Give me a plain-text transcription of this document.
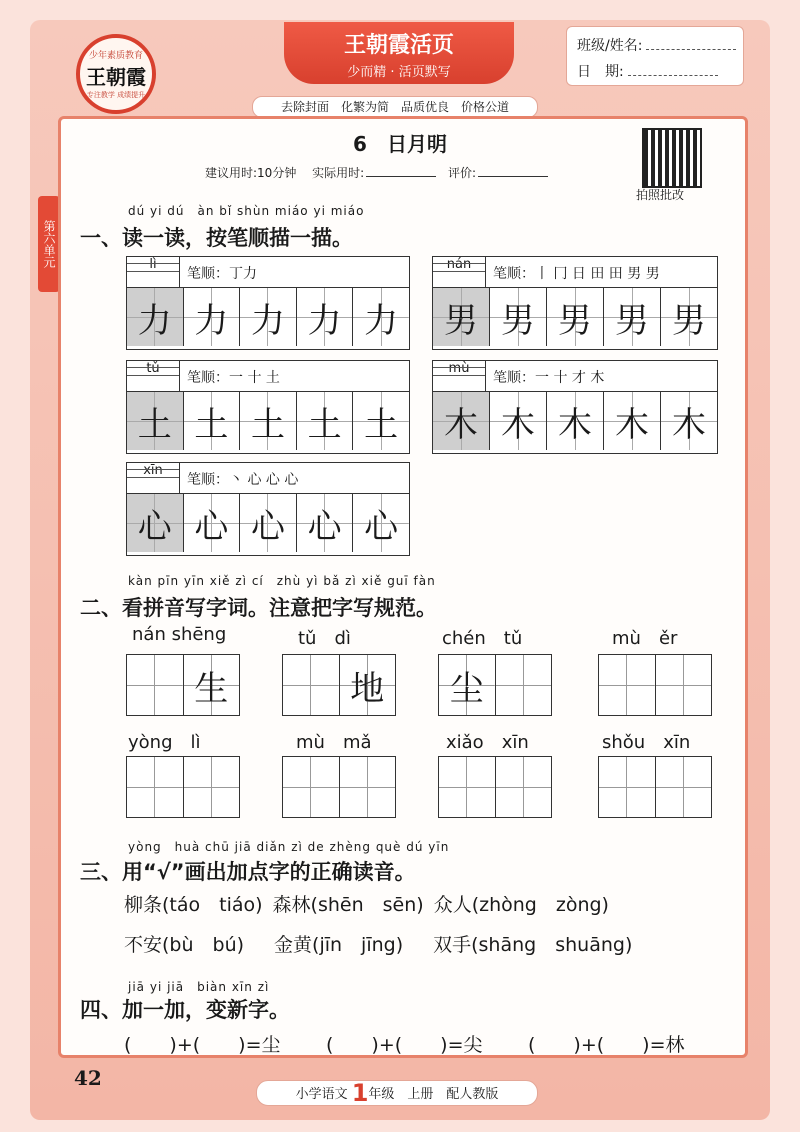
少年素质教育
王朝霞
专注教学 成绩提升
王朝霞活页
少而精 · 活页默写
班级/姓名:
日　期:
去除封面　化繁为简　品质优良　价格公道
第六单元
6　日月明
建议用时:10分钟　 实际用时:	评价:
拍照批改
dú yi dú　àn bǐ shùn miáo yi miáo
一、读一读，按笔顺描一描。
lì
笔顺：丁力
力 力 力 力 力
nán
笔顺：丨 冂 日 田 田 男 男
男 男 男 男 男
tǔ
笔顺：一 十 土
土 土 土 土 土
mù
笔顺：一 十 才 木
木 木 木 木 木
xīn
笔顺：丶 心 心 心
心 心 心 心 心
kàn pīn yīn xiě zì cí　zhù yì bǎ zì xiě guī fàn
二、看拼音写字词。注意把字写规范。
nán shēng	tǔ　dì	chén　tǔ	mù　ěr
生	地	尘
yòng　lì	mù　mǎ	xiǎo　xīn	shǒu　xīn
yòng　huà chū jiā diǎn zì de zhèng què dú yīn
三、用“√”画出加点字的正确读音。
柳条(táo　tiáo) 森林(shēn　sēn) 众人(zhòng　zòng)
不安(bù　bú) 金黄(jīn　jīng) 双手(shāng　shuāng)
jiā yi jiā　biàn xīn zì
四、加一加，变新字。
(　　)+(　　)=尘 (　　)+(　　)=尖 (　　)+(　　)=林
42
小学语文 1年级　上册　配人教版
